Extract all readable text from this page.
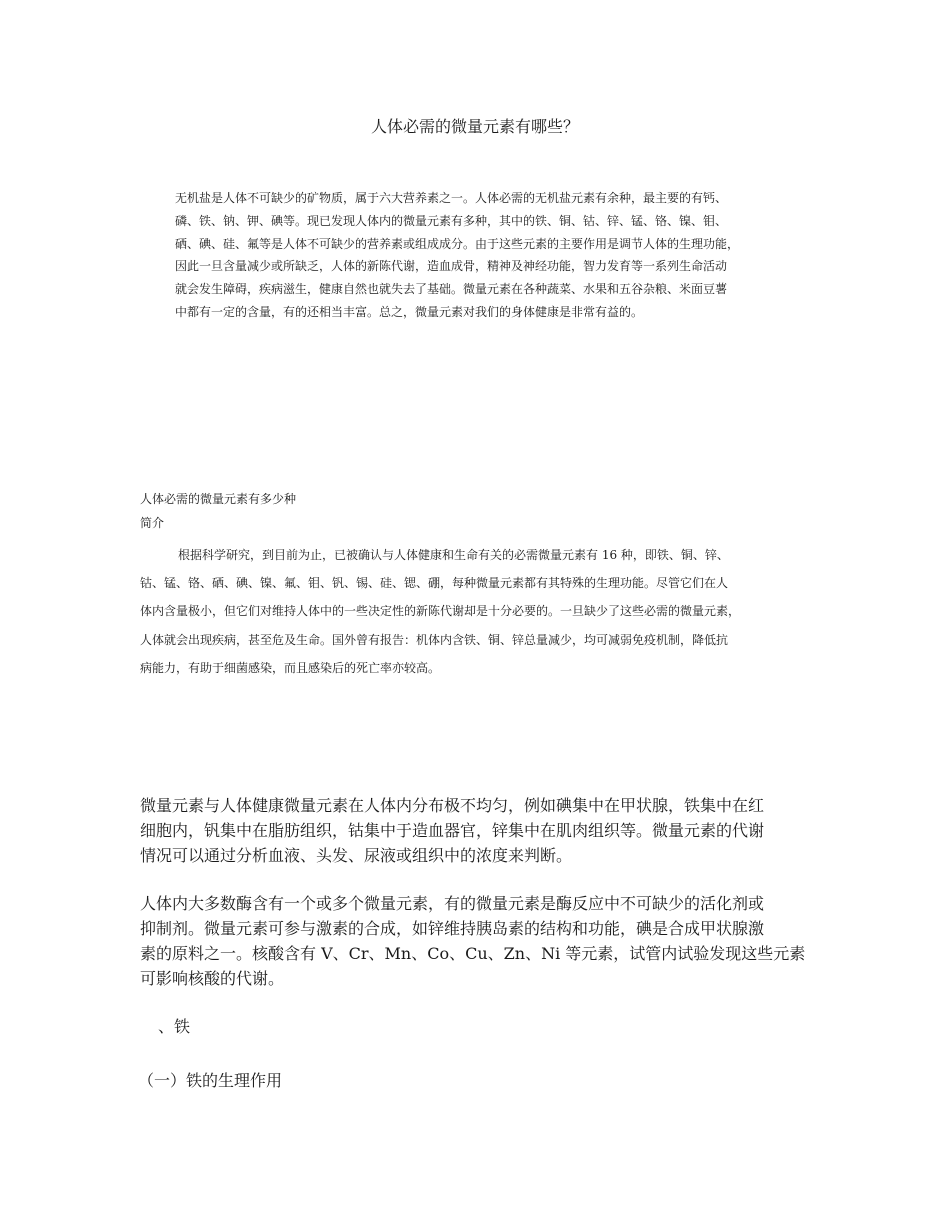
人体必需的微量元素有哪些？

无机盐是人体不可缺少的矿物质，属于六大营养素之一。人体必需的无机盐元素有余种，最主要的有钙、
磷、铁、钠、钾、碘等。现已发现人体内的微量元素有多种，其中的铁、铜、钴、锌、锰、铬、镍、钼、
硒、碘、硅、氟等是人体不可缺少的营养素或组成成分。由于这些元素的主要作用是调节人体的生理功能，
因此一旦含量减少或所缺乏，人体的新陈代谢，造血成骨，精神及神经功能，智力发育等一系列生命活动
就会发生障碍，疾病滋生，健康自然也就失去了基础。微量元素在各种蔬菜、水果和五谷杂粮、米面豆薯
中都有一定的含量，有的还相当丰富。总之，微量元素对我们的身体健康是非常有益的。

人体必需的微量元素有多少种

简介

根据科学研究，到目前为止，已被确认与人体健康和生命有关的必需微量元素有 16 种，即铁、铜、锌、
钴、锰、铬、硒、碘、镍、氟、钼、钒、锡、硅、锶、硼，每种微量元素都有其特殊的生理功能。尽管它们在人
体内含量极小，但它们对维持人体中的一些决定性的新陈代谢却是十分必要的。一旦缺少了这些必需的微量元素，
人体就会出现疾病，甚至危及生命。国外曾有报告：机体内含铁、铜、锌总量减少，均可减弱免疫机制，降低抗
病能力，有助于细菌感染，而且感染后的死亡率亦较高。

微量元素与人体健康微量元素在人体内分布极不均匀，例如碘集中在甲状腺，铁集中在红
细胞内，钒集中在脂肪组织，钴集中于造血器官，锌集中在肌肉组织等。微量元素的代谢
情况可以通过分析血液、头发、尿液或组织中的浓度来判断。

人体内大多数酶含有一个或多个微量元素，有的微量元素是酶反应中不可缺少的活化剂或
抑制剂。微量元素可参与激素的合成，如锌维持胰岛素的结构和功能，碘是合成甲状腺激
素的原料之一。核酸含有 V、Cr、Mn、Co、Cu、Zn、Ni 等元素，试管内试验发现这些元素
可影响核酸的代谢。

、铁

（一）铁的生理作用
